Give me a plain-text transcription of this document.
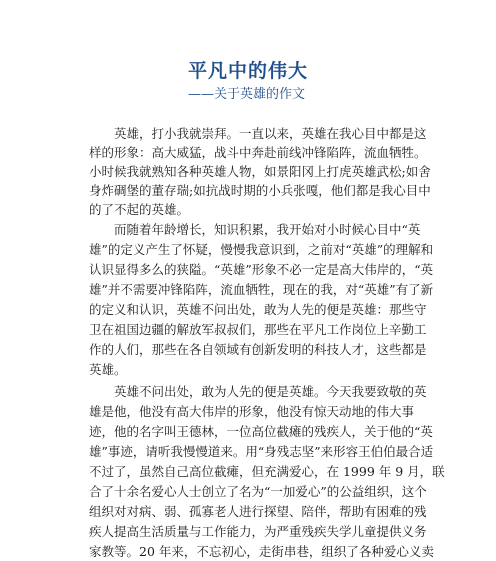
平凡中的伟大
——关于英雄的作文
英雄，打小我就崇拜。一直以来，英雄在我心目中都是这
样的形象：高大威猛，战斗中奔赴前线冲锋陷阵，流血牺牲。
小时候我就熟知各种英雄人物，如景阳冈上打虎英雄武松;如舍
身炸碉堡的董存瑞;如抗战时期的小兵张嘎，他们都是我心目中
的了不起的英雄。
而随着年龄增长，知识积累，我开始对小时候心目中“英
雄”的定义产生了怀疑，慢慢我意识到，之前对“英雄”的理解和
认识显得多么的狭隘。“英雄”形象不必一定是高大伟岸的，“英
雄”并不需要冲锋陷阵，流血牺牲，现在的我，对“英雄”有了新
的定义和认识，英雄不问出处，敢为人先的便是英雄：那些守
卫在祖国边疆的解放军叔叔们，那些在平凡工作岗位上辛勤工
作的人们，那些在各自领域有创新发明的科技人才，这些都是
英雄。
英雄不问出处，敢为人先的便是英雄。今天我要致敬的英
雄是他，他没有高大伟岸的形象，他没有惊天动地的伟大事
迹，他的名字叫王德林，一位高位截瘫的残疾人，关于他的“英
雄”事迹，请听我慢慢道来。用“身残志坚”来形容王伯伯最合适
不过了，虽然自己高位截瘫，但充满爱心，在 1999 年 9 月，联
合了十余名爱心人士创立了名为“一加爱心”的公益组织，这个
组织对对病、弱、孤寡老人进行探望、陪伴，帮助有困难的残
疾人提高生活质量与工作能力，为严重残疾失学儿童提供义务
家教等。20 年来，不忘初心，走街串巷，组织了各种爱心义卖
